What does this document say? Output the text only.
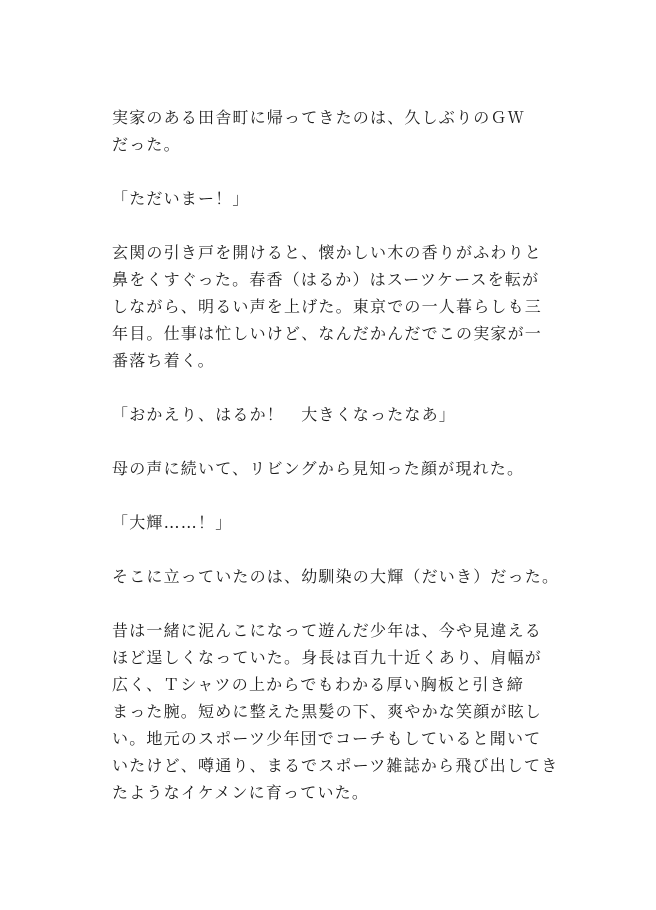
実家のある田舎町に帰ってきたのは、久しぶりのＧＷ
だった。

「ただいまー！」

玄関の引き戸を開けると、懐かしい木の香りがふわりと
鼻をくすぐった。春香（はるか）はスーツケースを転が
しながら、明るい声を上げた。東京での一人暮らしも三
年目。仕事は忙しいけど、なんだかんだでこの実家が一
番落ち着く。

「おかえり、はるか！　大きくなったなあ」

母の声に続いて、リビングから見知った顔が現れた。

「大輝……！」

そこに立っていたのは、幼馴染の大輝（だいき）だった。

昔は一緒に泥んこになって遊んだ少年は、今や見違える
ほど逞しくなっていた。身長は百九十近くあり、肩幅が
広く、Ｔシャツの上からでもわかる厚い胸板と引き締
まった腕。短めに整えた黒髪の下、爽やかな笑顔が眩し
い。地元のスポーツ少年団でコーチもしていると聞いて
いたけど、噂通り、まるでスポーツ雑誌から飛び出してき
たようなイケメンに育っていた。
